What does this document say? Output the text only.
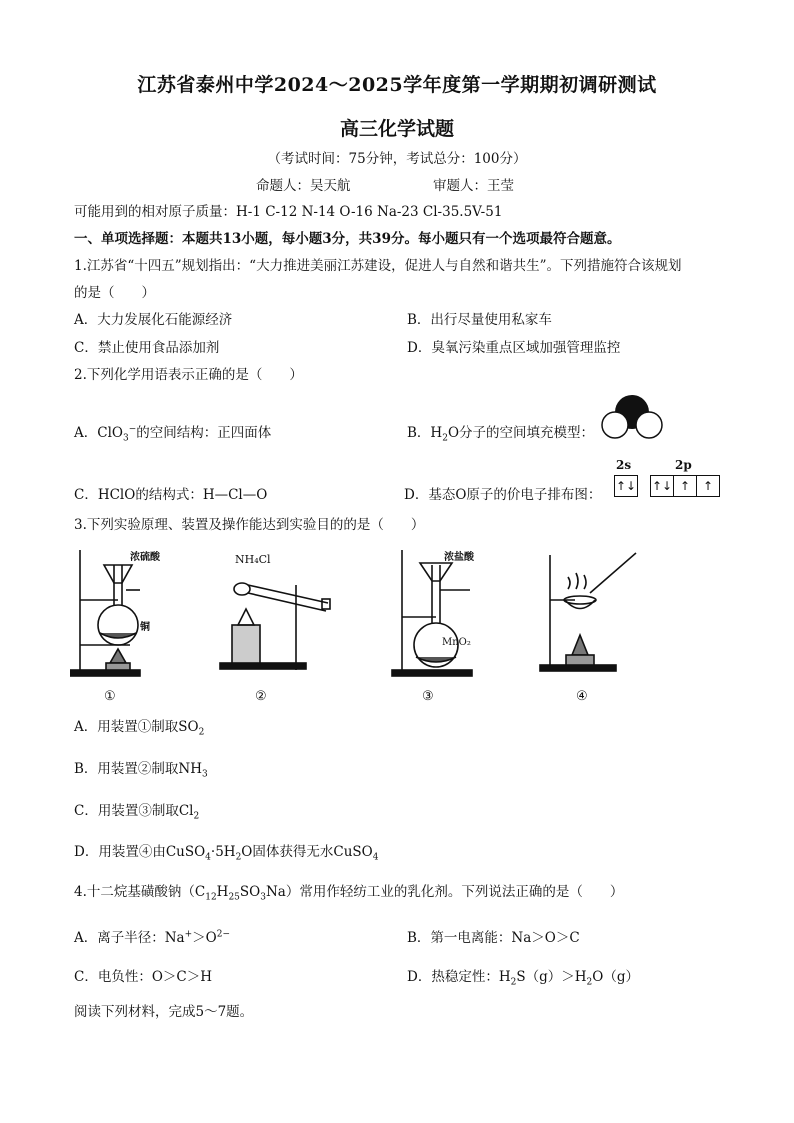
江苏省泰州中学2024～2025学年度第一学期期初调研测试
高三化学试题
（考试时间：75分钟，考试总分：100分）
命题人：吴天航	审题人：王莹
可能用到的相对原子质量：H-1 C-12 N-14 O-16 Na-23 Cl-35.5V-51
一、单项选择题：本题共13小题，每小题3分，共39分。每小题只有一个选项最符合题意。
1.江苏省“十四五”规划指出：“大力推进美丽江苏建设，促进人与自然和谐共生”。下列措施符合该规划
的是（　　）
A．大力发展化石能源经济	B．出行尽量使用私家车
C．禁止使用食品添加剂	D．臭氧污染重点区域加强管理监控
2.下列化学用语表示正确的是（　　）
A．ClO$_3$−的空间结构：正四面体	B．$H_2O$分子的空间填充模型：
C．HClO的结构式：H—Cl—O	D．基态O原子的价电子排布图：
2s	2p
↑↓ ↑↓ ↑	↑
3.下列实验原理、装置及操作能达到实验目的的是（　　）
浓硫酸
铜
①
NH₄Cl
②
浓盐酸
MnO₂
③	④
A．用装置①制取$SO_2$
B．用装置②制取$NH_3$
C．用装置③制取$Cl_2$
D．用装置④由$CuSO_4\cdot 5H_2O$固体获得无水CuSO$_4$
4.十二烷基磺酸钠$(C_{12}H_{25}SO_3Na)$常用作轻纺工业的乳化剂。下列说法正确的是（　　）
A．离子半径：$Na^+>O^{2-}$	B．第一电离能：Na＞O＞C
C．电负性：O＞C＞H	D．热稳定性：$H_2S(g)>H_2O(g)$
阅读下列材料，完成5～7题。
